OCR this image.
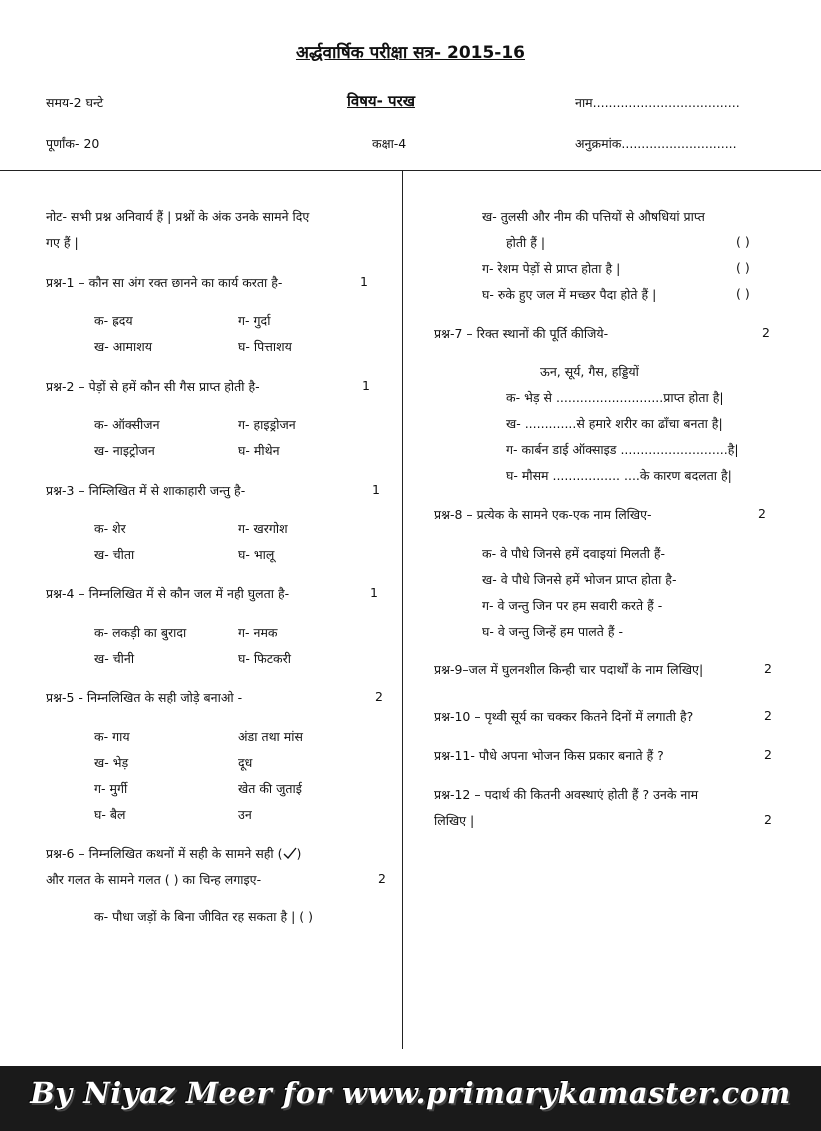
अर्द्धवार्षिक परीक्षा सत्र- 2015-16
समय-2 घन्टे	विषय- परख	नाम.....................................
पूर्णांक- 20	कक्षा-4	अनुक्रमांक.............................
नोट- सभी प्रश्न अनिवार्य हैं | प्रश्नों के अंक उनके सामने दिए
गए हैं |
प्रश्न-1 – कौन सा अंग रक्त छानने का कार्य करता है-	1
क- ह्रदय	ग- गुर्दा
ख- आमाशय	घ- पित्ताशय
प्रश्न-2 – पेड़ों से हमें कौन सी गैस प्राप्त होती है-	1
क- ऑक्सीजन	ग- हाइड्रोजन
ख- नाइट्रोजन	घ- मीथेन
प्रश्न-3 – निम्लिखित में से शाकाहारी जन्तु है-	1
क- शेर	ग- खरगोश
ख- चीता	घ- भालू
प्रश्न-4 – निम्नलिखित में से कौन जल में नही घुलता है-	1
क- लकड़ी का बुरादा	ग- नमक
ख- चीनी	घ- फिटकरी
प्रश्न-5 - निम्नलिखित के सही जोड़े बनाओ -	2
क- गाय	अंडा तथा मांस
ख- भेड़	दूध
ग- मुर्गी	खेत की जुताई
घ- बैल	उन
प्रश्न-6 – निम्नलिखित कथनों में सही के सामने सही ( )
और गलत के सामने गलत ( ) का चिन्ह लगाइए-	2
क- पौधा जड़ों के बिना जीवित रह सकता है | ( )
ख- तुलसी और नीम की पत्तियों से औषधियां प्राप्त
होती हैं |	( )
ग- रेशम पेड़ों से प्राप्त होता है |	( )
घ- रुके हुए जल में मच्छर पैदा होते हैं |	( )
प्रश्न-7 – रिक्त स्थानों की पूर्ति कीजिये-	2
ऊन, सूर्य, गैस, हड्डियों
क- भेड़ से ...........................प्राप्त होता है|
ख- .............से हमारे शरीर का ढाँचा बनता है|
ग- कार्बन डाई ऑक्साइड ...........................है|
घ- मौसम ................. ....के कारण बदलता है|
प्रश्न-8 – प्रत्येक के सामने एक-एक नाम लिखिए-	2
क- वे पौधे जिनसे हमें दवाइयां मिलती हैं-
ख- वे पौधे जिनसे हमें भोजन प्राप्त होता है-
ग- वे जन्तु जिन पर हम सवारी करते हैं -
घ- वे जन्तु जिन्हें हम पालते हैं -
प्रश्न-9–जल में घुलनशील किन्ही चार पदार्थों के नाम लिखिए|	2
प्रश्न-10 – पृथ्वी सूर्य का चक्कर कितने दिनों में लगाती है?	2
प्रश्न-11- पौधे अपना भोजन किस प्रकार बनाते हैं ?	2
प्रश्न-12 – पदार्थ की कितनी अवस्थाएं होती हैं ? उनके नाम
लिखिए |	2
By Niyaz Meer for www.primarykamaster.com
